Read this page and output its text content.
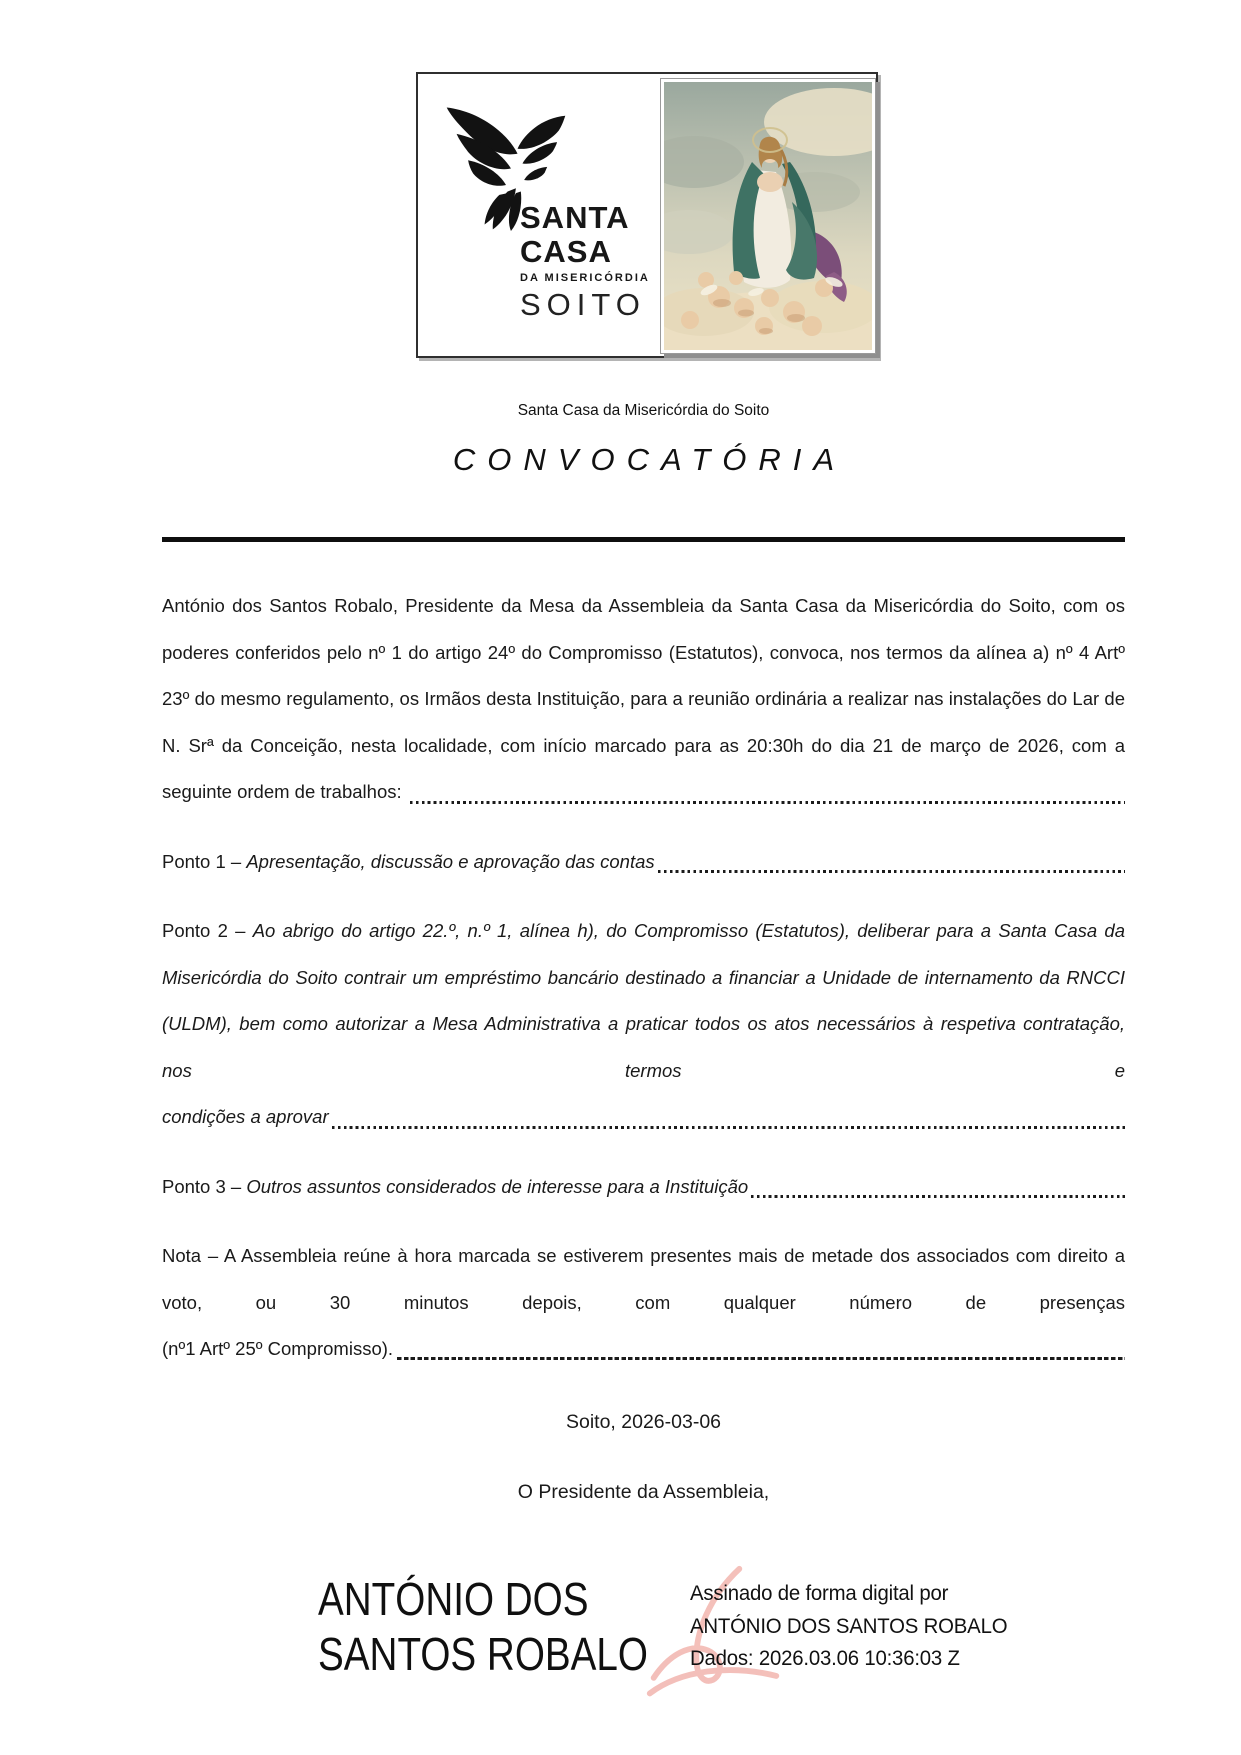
SANTA
CASA
DA MISERICÓRDIA
SOITO
Santa Casa da Misericórdia do Soito
CONVOCATÓRIA
António dos Santos Robalo, Presidente da Mesa da Assembleia da Santa Casa da Misericórdia do Soito, com os poderes conferidos pelo nº 1 do artigo 24º do Compromisso (Estatutos), convoca, nos termos da alínea a) nº 4 Artº 23º do mesmo regulamento, os Irmãos desta Instituição, para a reunião ordinária a realizar nas instalações do Lar de N. Srª da Conceição, nesta localidade, com início marcado para as 20:30h do dia 21 de março de 2026, com a
seguinte ordem de trabalhos:
Ponto 1 – Apresentação, discussão e aprovação das contas
Ponto 2 – Ao abrigo do artigo 22.º, n.º 1, alínea h), do Compromisso (Estatutos), deliberar para a Santa Casa da Misericórdia do Soito contrair um empréstimo bancário destinado a financiar a Unidade de internamento da RNCCI (ULDM), bem como autorizar a Mesa Administrativa a praticar todos os atos necessários à respetiva contratação, nos termos e
condições a aprovar
Ponto 3 – Outros assuntos considerados de interesse para a Instituição
Nota – A Assembleia reúne à hora marcada se estiverem presentes mais de metade dos associados com direito a voto, ou 30 minutos depois, com qualquer número de presenças
(nº1 Artº 25º Compromisso).
Soito, 2026-03-06
O Presidente da Assembleia,
ANTÓNIO DOS
SANTOS ROBALO
Assinado de forma digital por
ANTÓNIO DOS SANTOS ROBALO
Dados: 2026.03.06 10:36:03 Z
